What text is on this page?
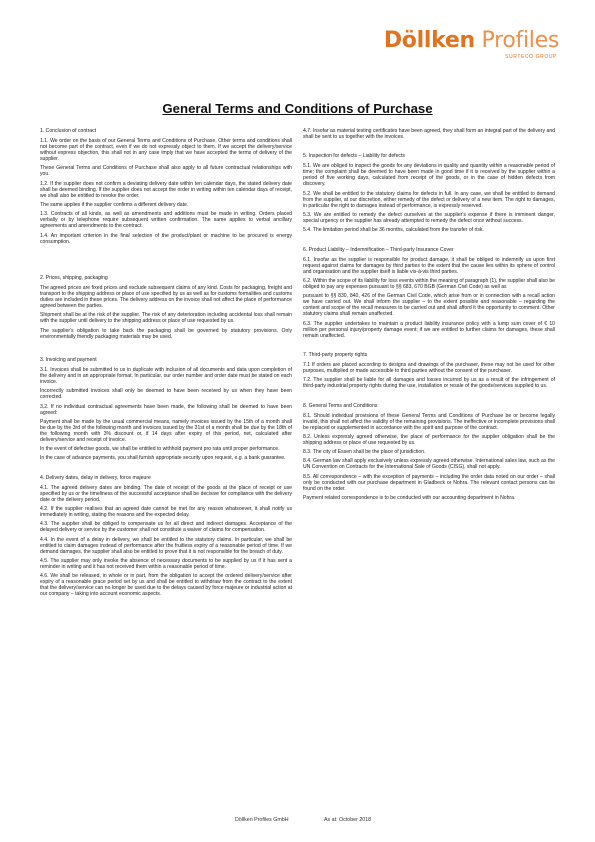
Döllken Profiles
SURTECO GROUP
General Terms and Conditions of Purchase
1. Conclusion of contract
1.1. We order on the basis of our General Terms and Conditions of Purchase. Other terms and conditions shall not become part of the contract, even if we do not expressly object to them. If we accept the delivery/service without express objection, this shall not in any case imply that we have accepted the terms of delivery of the supplier.
These General Terms and Conditions of Purchase shall also apply to all future contractual relationships with you.
1.2. If the supplier does not confirm a deviating delivery date within ten calendar days, the stated delivery date shall be deemed binding. If the supplier does not accept the order in writing within ten calendar days of receipt, we shall also be entitled to revoke the order.
The same applies if the supplier confirms a different delivery date.
1.3. Contracts of all kinds, as well as amendments and additions must be made in writing. Orders placed verbally or by telephone require subsequent written confirmation. The same applies to verbal ancillary agreements and amendments to the contract.
1.4. An important criterion in the final selection of the product/plant or machine to be procured is energy consumption.
2. Prices, shipping, packaging
The agreed prices are fixed prices and exclude subsequent claims of any kind. Costs for packaging, freight and transport to the shipping address or place of use specified by us as well as for customs formalities and customs duties are included in these prices. The delivery address on the invoice shall not affect the place of performance agreed between the parties.
Shipment shall be at the risk of the supplier. The risk of any deterioration including accidental loss shall remain with the supplier until delivery to the shipping address or place of use requested by us.
The supplier's obligation to take back the packaging shall be governed by statutory provisions. Only environmentally friendly packaging materials may be used.
3. Invoicing and payment
3.1. Invoices shall be submitted to us in duplicate with inclusion of all documents and data upon completion of the delivery and in an appropriate format. In particular, our order number and order date must be stated on each invoice.
Incorrectly submitted invoices shall only be deemed to have been received by us when they have been corrected.
3.2. If no individual contractual agreements have been made, the following shall be deemed to have been agreed:
Payment shall be made by the usual commercial means, namely invoices issued by the 15th of a month shall be due by the 3rd of the following month and invoices issued by the 31st of a month shall be due by the 18th of the following month with 3% discount or, if 14 days after expiry of this period, net, calculated after delivery/service and receipt of invoice.
In the event of defective goods, we shall be entitled to withhold payment pro rata until proper performance.
In the case of advance payments, you shall furnish appropriate security upon request, e.g. a bank guarantee.
4. Delivery dates, delay in delivery, force majeure
4.1. The agreed delivery dates are binding. The date of receipt of the goods at the place of receipt or use specified by us or the timeliness of the successful acceptance shall be decisive for compliance with the delivery date or the delivery period.
4.2. If the supplier realises that an agreed date cannot be met for any reason whatsoever, it shall notify us immediately in writing, stating the reasons and the expected delay.
4.3. The supplier shall be obliged to compensate us for all direct and indirect damages. Acceptance of the delayed delivery or service by the customer shall not constitute a waiver of claims for compensation.
4.4. In the event of a delay in delivery, we shall be entitled to the statutory claims. In particular, we shall be entitled to claim damages instead of performance after the fruitless expiry of a reasonable period of time. If we demand damages, the supplier shall also be entitled to prove that it is not responsible for the breach of duty.
4.5. The supplier may only invoke the absence of necessary documents to be supplied by us if it has sent a reminder in writing and it has not received them within a reasonable period of time.
4.6. We shall be released, in whole or in part, from the obligation to accept the ordered delivery/service after expiry of a reasonable grace period set by us and shall be entitled to withdraw from the contract to the extent that the delivery/service can no longer be used due to the delays caused by force majeure or industrial action at our company – taking into account economic aspects.
4.7. Insofar as material testing certificates have been agreed, they shall form an integral part of the delivery and shall be sent to us together with the invoices.
5. Inspection for defects – Liability for defects
5.1. We are obliged to inspect the goods for any deviations in quality and quantity within a reasonable period of time; the complaint shall be deemed to have been made in good time if it is received by the supplier within a period of five working days, calculated from receipt of the goods, or in the case of hidden defects from discovery.
5.2. We shall be entitled to the statutory claims for defects in full. In any case, we shall be entitled to demand from the supplier, at our discretion, either remedy of the defect or delivery of a new item. The right to damages, in particular the right to damages instead of performance, is expressly reserved.
5.3. We are entitled to remedy the defect ourselves at the supplier's expense if there is imminent danger, special urgency or the supplier has already attempted to remedy the defect once without success.
5.4. The limitation period shall be 36 months, calculated from the transfer of risk.
6. Product Liability – Indemnification – Third-party Insurance Cover
6.1. Insofar as the supplier is responsible for product damage, it shall be obliged to indemnify us upon first request against claims for damages by third parties to the extent that the cause lies within its sphere of control and organisation and the supplier itself is liable vis-à-vis third parties.
6.2. Within the scope of its liability for loss events within the meaning of paragraph (1), the supplier shall also be obliged to pay any expenses pursuant to §§ 683, 670 BGB (German Civil Code) as well as
pursuant to §§ 830, 840, 426 of the German Civil Code, which arise from or in connection with a recall action we have carried out. We shall inform the supplier – to the extent possible and reasonable – regarding the content and scope of the recall measures to be carried out and shall afford it the opportunity to comment. Other statutory claims shall remain unaffected.
6.3. The supplier undertakes to maintain a product liability insurance policy with a lump sum cover of € 10 million per personal injury/property damage event; if we are entitled to further claims for damages, these shall remain unaffected.
7. Third-party property rights
7.1 If orders are placed according to designs and drawings of the purchaser, these may not be used for other purposes, multiplied or made accessible to third parties without the consent of the purchaser.
7.2. The supplier shall be liable for all damages and losses incurred by us as a result of the infringement of third-party industrial property rights during the use, installation or resale of the goods/services supplied to us.
8. General Terms and Conditions
8.1. Should individual provisions of these General Terms and Conditions of Purchase be or become legally invalid, this shall not affect the validity of the remaining provisions. The ineffective or incomplete provisions shall be replaced or supplemented in accordance with the spirit and purpose of the contract.
8.2. Unless expressly agreed otherwise, the place of performance for the supplier obligation shall be the shipping address or place of use requested by us.
8.3. The city of Essen shall be the place of jurisdiction.
8.4. German law shall apply exclusively unless expressly agreed otherwise. International sales law, such as the UN Convention on Contracts for the International Sale of Goods (CISG), shall not apply.
8.5. All correspondence – with the exception of payments – including the order data noted on our order – shall only be conducted with our purchase department in Gladbeck or Nohra. The relevant contact persons can be found on the order.
Payment related correspondence is to be conducted with our accounting department in Nohra.
Döllken Profiles GmbH	As at: October 2018
